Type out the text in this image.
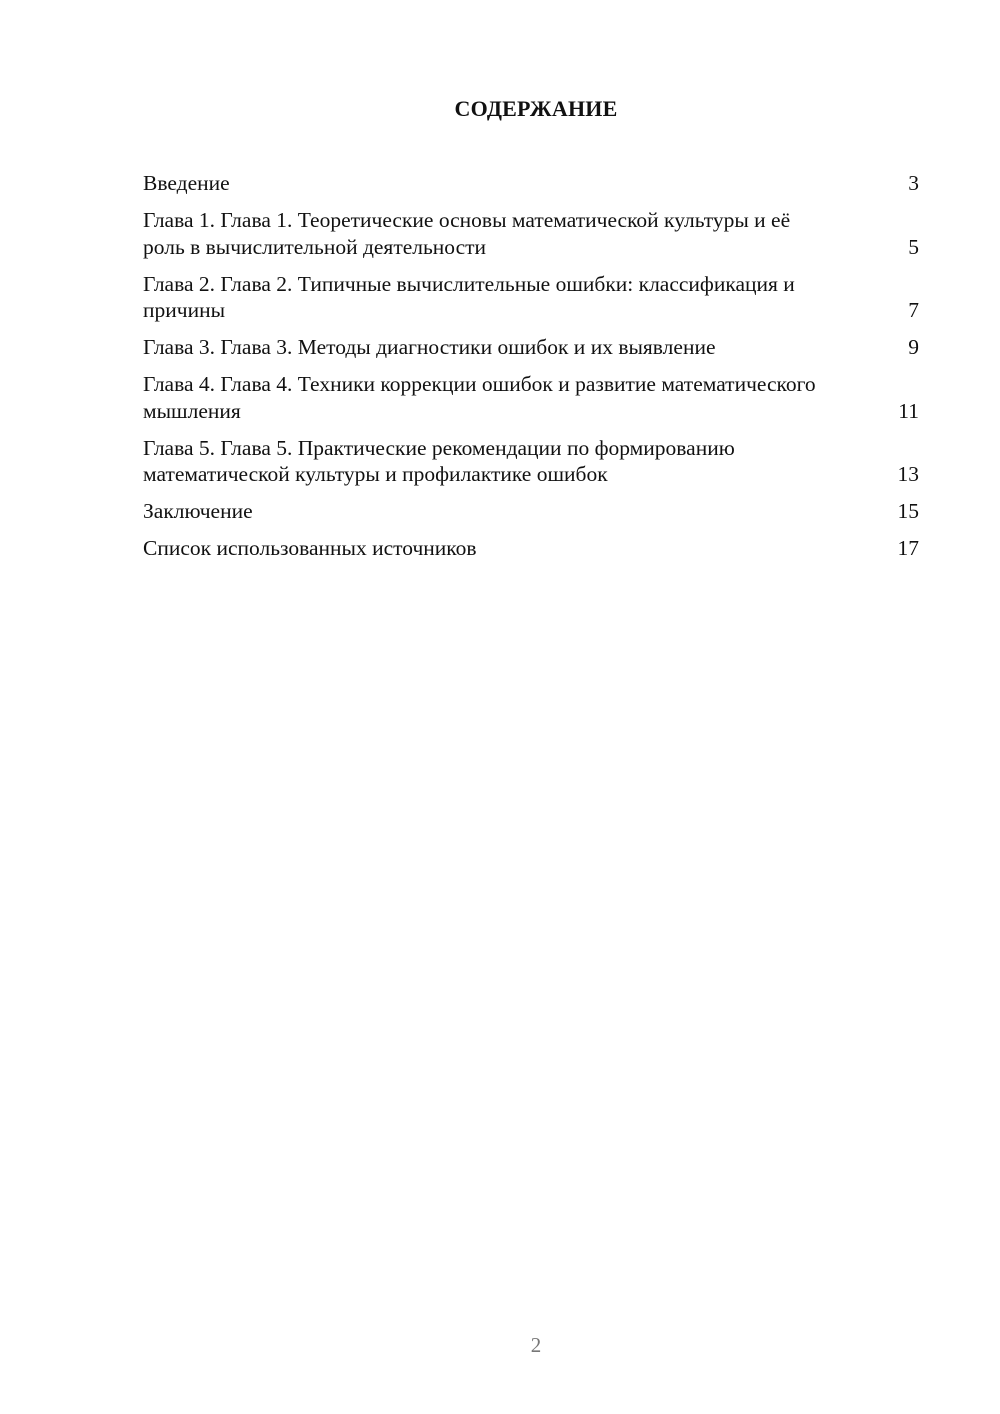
СОДЕРЖАНИЕ
Введение	3
Глава 1. Глава 1. Теоретические основы математической культуры и её роль в вычислительной деятельности	5
Глава 2. Глава 2. Типичные вычислительные ошибки: классификация и причины	7
Глава 3. Глава 3. Методы диагностики ошибок и их выявление	9
Глава 4. Глава 4. Техники коррекции ошибок и развитие математического мышления	11
Глава 5. Глава 5. Практические рекомендации по формированию математической культуры и профилактике ошибок	13
Заключение	15
Список использованных источников	17
2
